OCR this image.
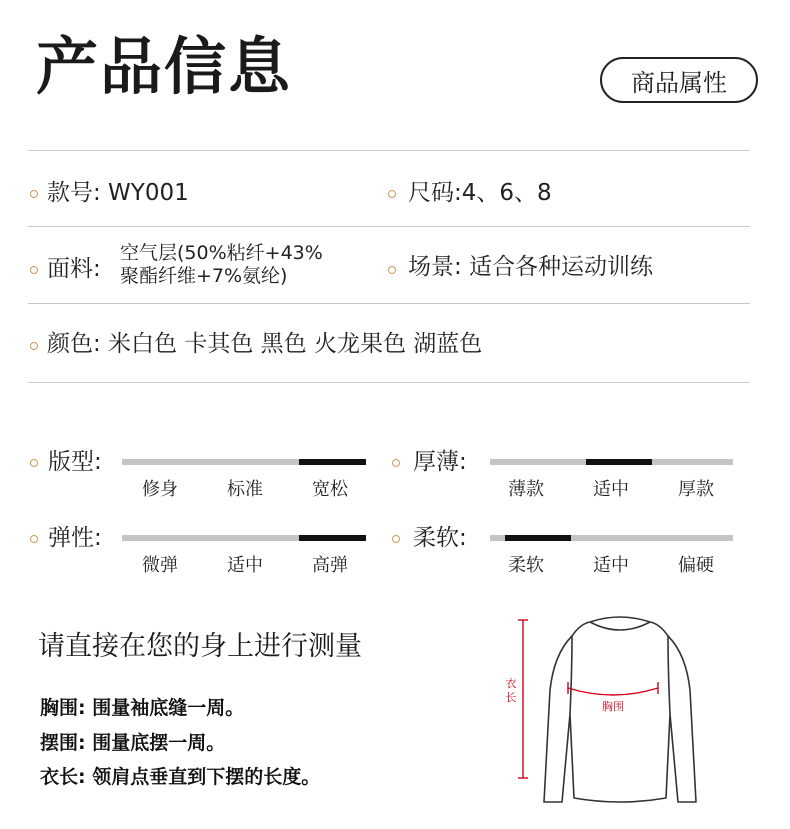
产品信息	商品属性
款号: WY001	尺码:4、6、8
面料:
空气层(50%粘纤+43%
聚酯纤维+7%氨纶)	场景: 适合各种运动训练
颜色: 米白色 卡其色 黑色 火龙果色 湖蓝色
版型:
修身	标准	宽松
厚薄:
薄款	适中	厚款
弹性:
微弹	适中	高弹
柔软:
柔软	适中	偏硬
请直接在您的身上进行测量
胸围: 围量袖底缝一周。
摆围: 围量底摆一周。
衣长: 领肩点垂直到下摆的长度。
衣
长
胸围
